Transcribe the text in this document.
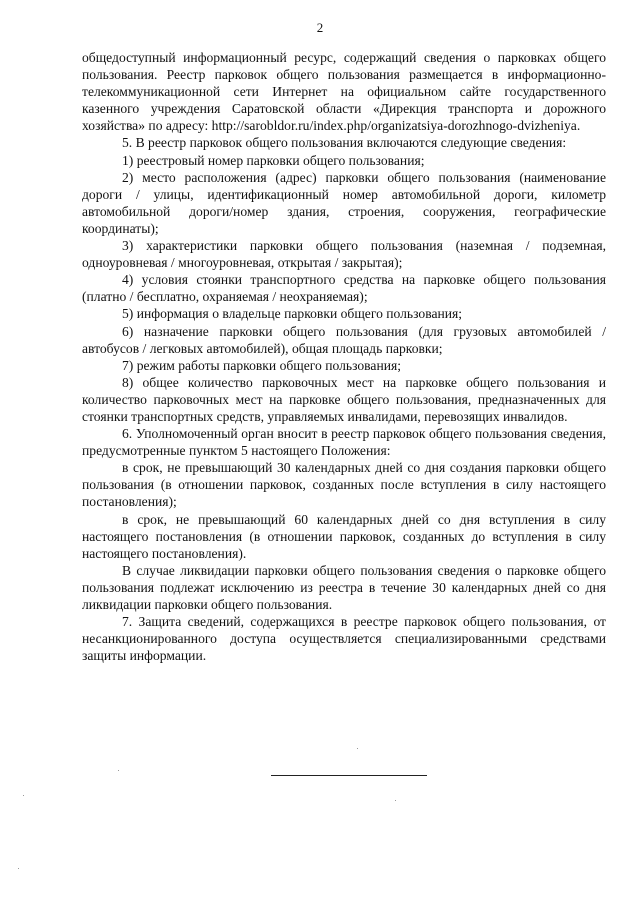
2

общедоступный информационный ресурс, содержащий сведения о парковках общего пользования. Реестр парковок общего пользования размещается в информационно-телекоммуникационной сети Интернет на официальном сайте государственного казенного учреждения Саратовской области «Дирекция транспорта и дорожного хозяйства» по адресу: http://sarobldor.ru/index.php/organizatsiya-dorozhnogo-dvizheniya.

5. В реестр парковок общего пользования включаются следующие сведения:

1) реестровый номер парковки общего пользования;

2) место расположения (адрес) парковки общего пользования (наименование дороги / улицы, идентификационный номер автомобильной дороги, километр автомобильной дороги/номер здания, строения, сооружения, географические координаты);

3) характеристики парковки общего пользования (наземная / подземная, одноуровневая / многоуровневая, открытая / закрытая);

4) условия стоянки транспортного средства на парковке общего пользования (платно / бесплатно, охраняемая / неохраняемая);

5) информация о владельце парковки общего пользования;

6) назначение парковки общего пользования (для грузовых автомобилей / автобусов / легковых автомобилей), общая площадь парковки;

7) режим работы парковки общего пользования;

8) общее количество парковочных мест на парковке общего пользования и количество парковочных мест на парковке общего пользования, предназначенных для стоянки транспортных средств, управляемых инвалидами, перевозящих инвалидов.

6. Уполномоченный орган вносит в реестр парковок общего пользования сведения, предусмотренные пунктом 5 настоящего Положения:

в срок, не превышающий 30 календарных дней со дня создания парковки общего пользования (в отношении парковок, созданных после вступления в силу настоящего постановления);

в срок, не превышающий 60 календарных дней со дня вступления в силу настоящего постановления (в отношении парковок, созданных до вступления в силу настоящего постановления).

В случае ликвидации парковки общего пользования сведения о парковке общего пользования подлежат исключению из реестра в течение 30 календарных дней со дня ликвидации парковки общего пользования.

7. Защита сведений, содержащихся в реестре парковок общего пользования, от несанкционированного доступа осуществляется специализированными средствами защиты информации.
